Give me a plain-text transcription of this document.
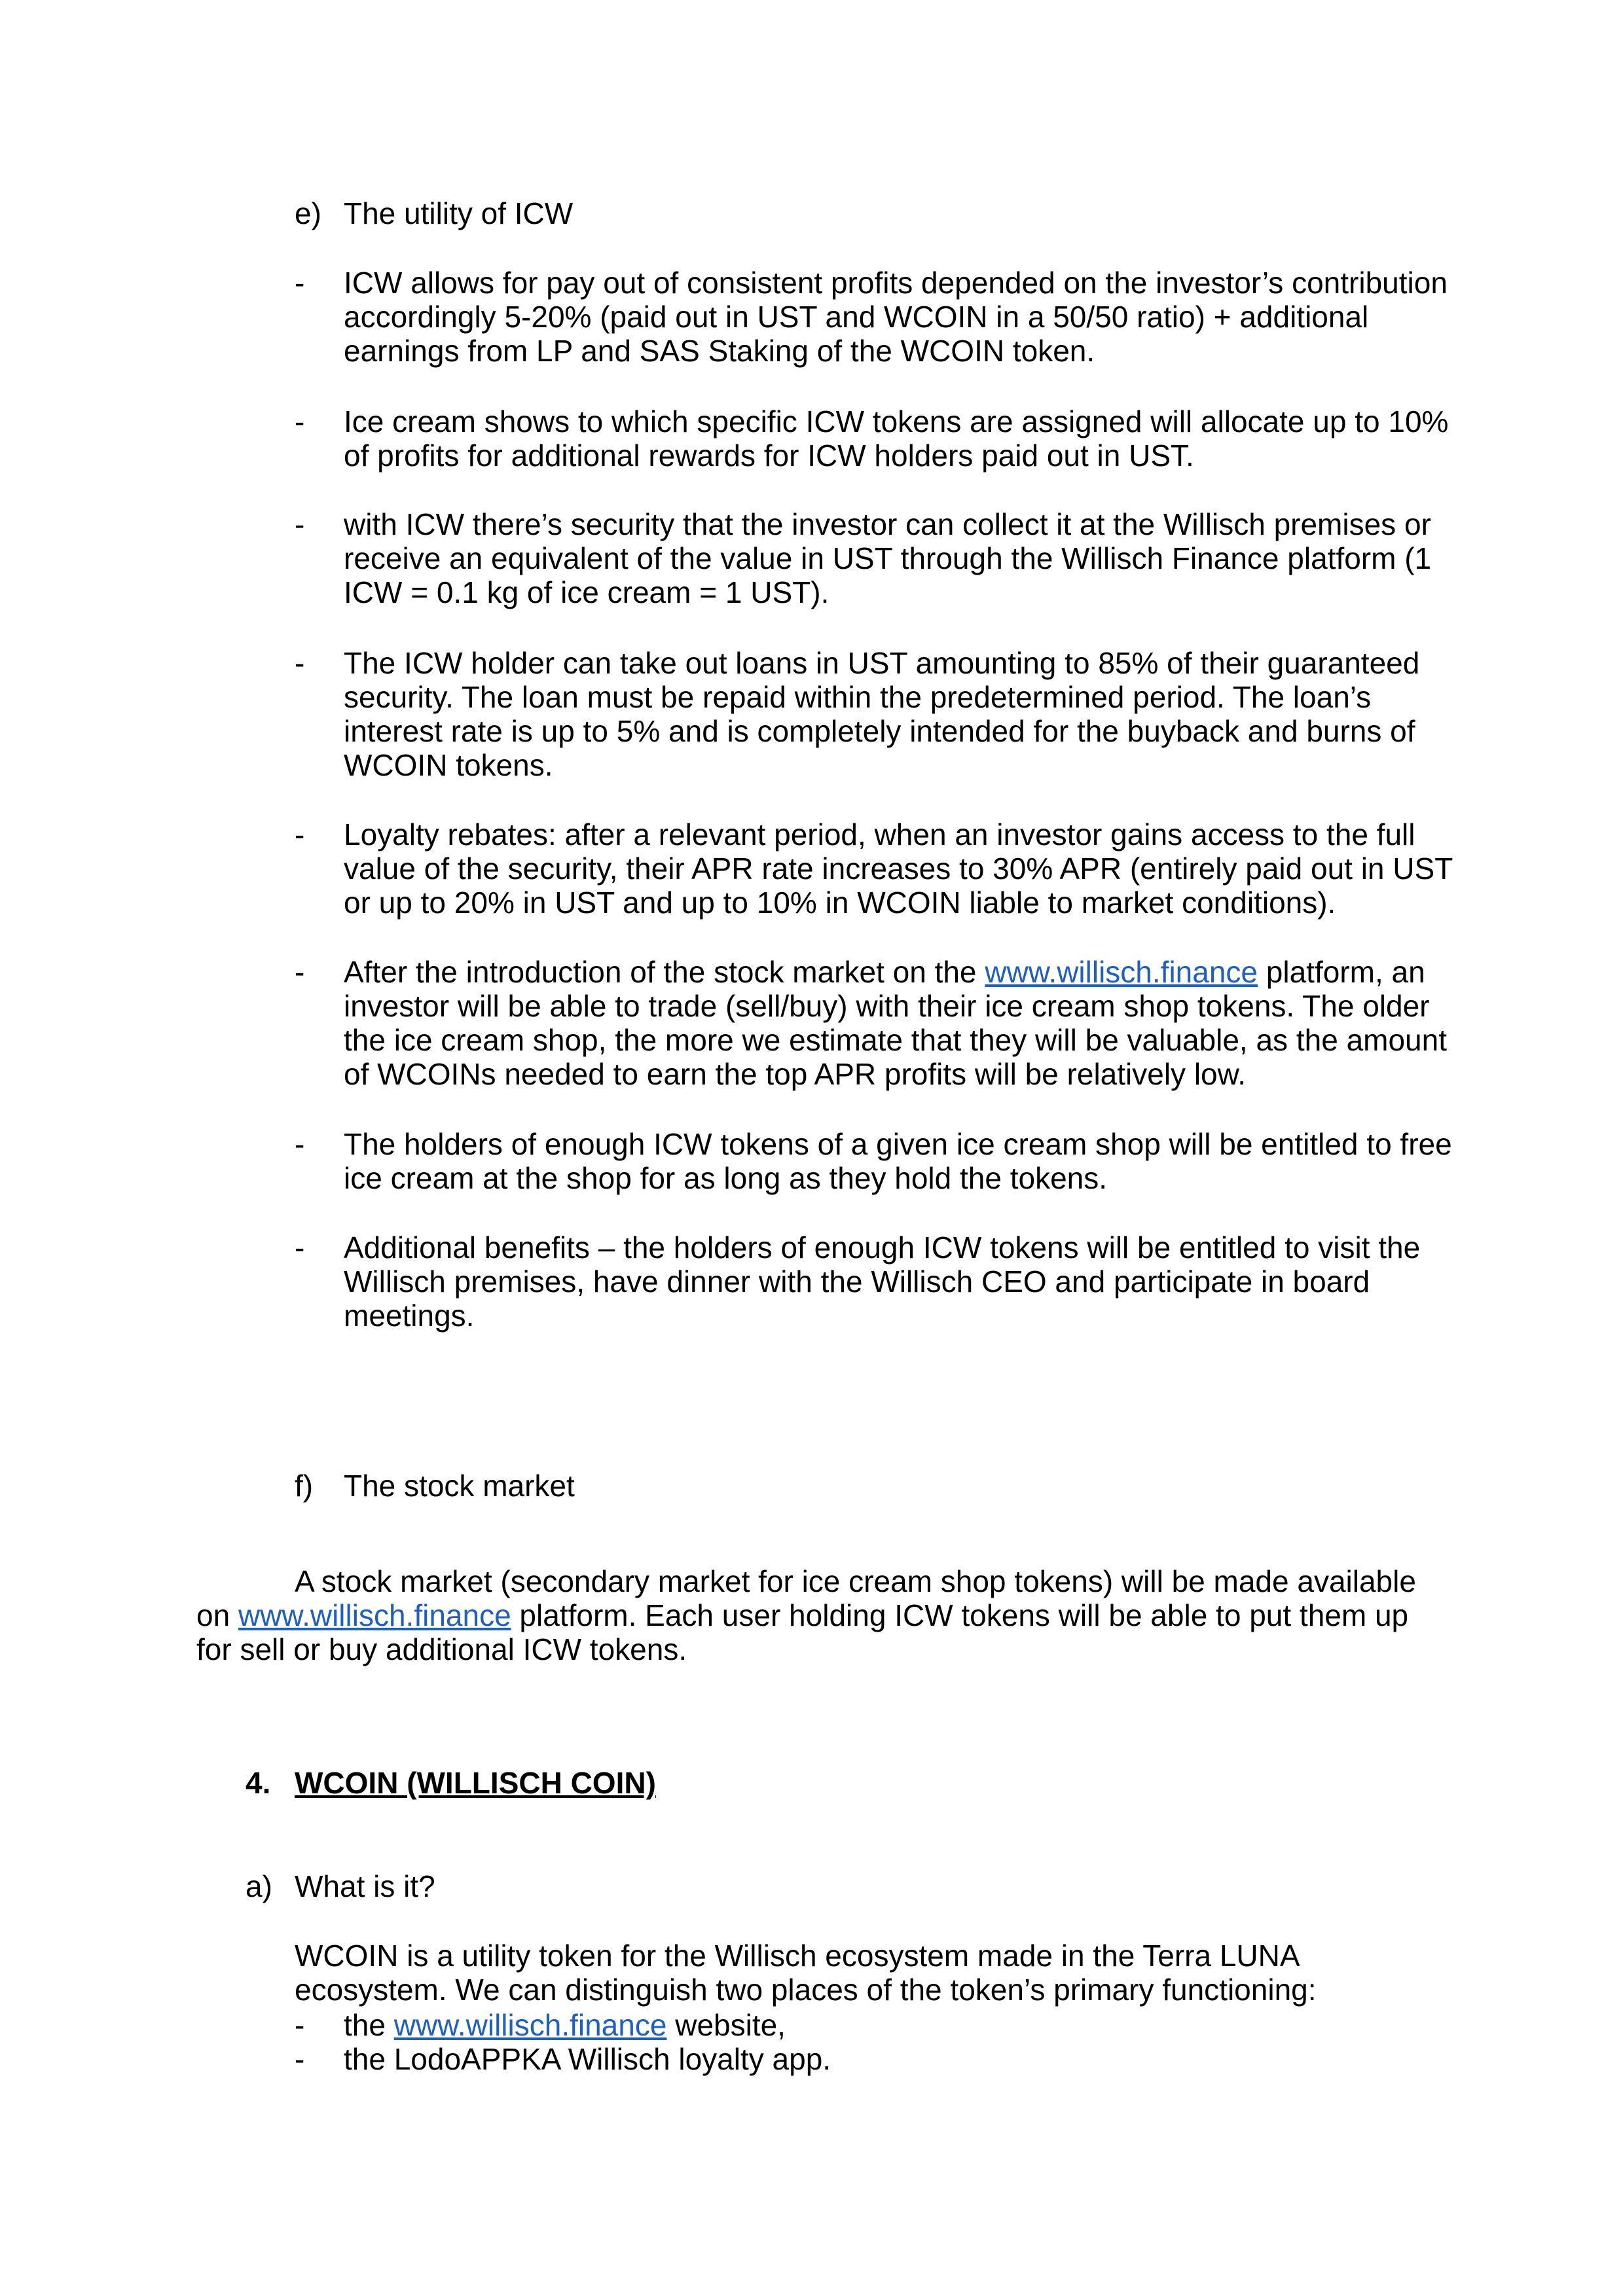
e) The utility of ICW
- ICW allows for pay out of consistent profits depended on the investor’s contribution accordingly 5-20% (paid out in UST and WCOIN in a 50/50 ratio) + additional earnings from LP and SAS Staking of the WCOIN token.
- Ice cream shows to which specific ICW tokens are assigned will allocate up to 10% of profits for additional rewards for ICW holders paid out in UST.
- with ICW there’s security that the investor can collect it at the Willisch premises or receive an equivalent of the value in UST through the Willisch Finance platform (1 ICW = 0.1 kg of ice cream = 1 UST).
- The ICW holder can take out loans in UST amounting to 85% of their guaranteed security. The loan must be repaid within the predetermined period. The loan’s interest rate is up to 5% and is completely intended for the buyback and burns of WCOIN tokens.
- Loyalty rebates: after a relevant period, when an investor gains access to the full value of the security, their APR rate increases to 30% APR (entirely paid out in UST or up to 20% in UST and up to 10% in WCOIN liable to market conditions).
- After the introduction of the stock market on the www.willisch.finance platform, an investor will be able to trade (sell/buy) with their ice cream shop tokens. The older the ice cream shop, the more we estimate that they will be valuable, as the amount of WCOINs needed to earn the top APR profits will be relatively low.
- The holders of enough ICW tokens of a given ice cream shop will be entitled to free ice cream at the shop for as long as they hold the tokens.
- Additional benefits – the holders of enough ICW tokens will be entitled to visit the Willisch premises, have dinner with the Willisch CEO and participate in board meetings.
f) The stock market
A stock market (secondary market for ice cream shop tokens) will be made available on www.willisch.finance platform. Each user holding ICW tokens will be able to put them up for sell or buy additional ICW tokens.
4. WCOIN (WILLISCH COIN)
a) What is it?
WCOIN is a utility token for the Willisch ecosystem made in the Terra LUNA ecosystem. We can distinguish two places of the token’s primary functioning:
- the www.willisch.finance website,
- the LodoAPPKA Willisch loyalty app.
